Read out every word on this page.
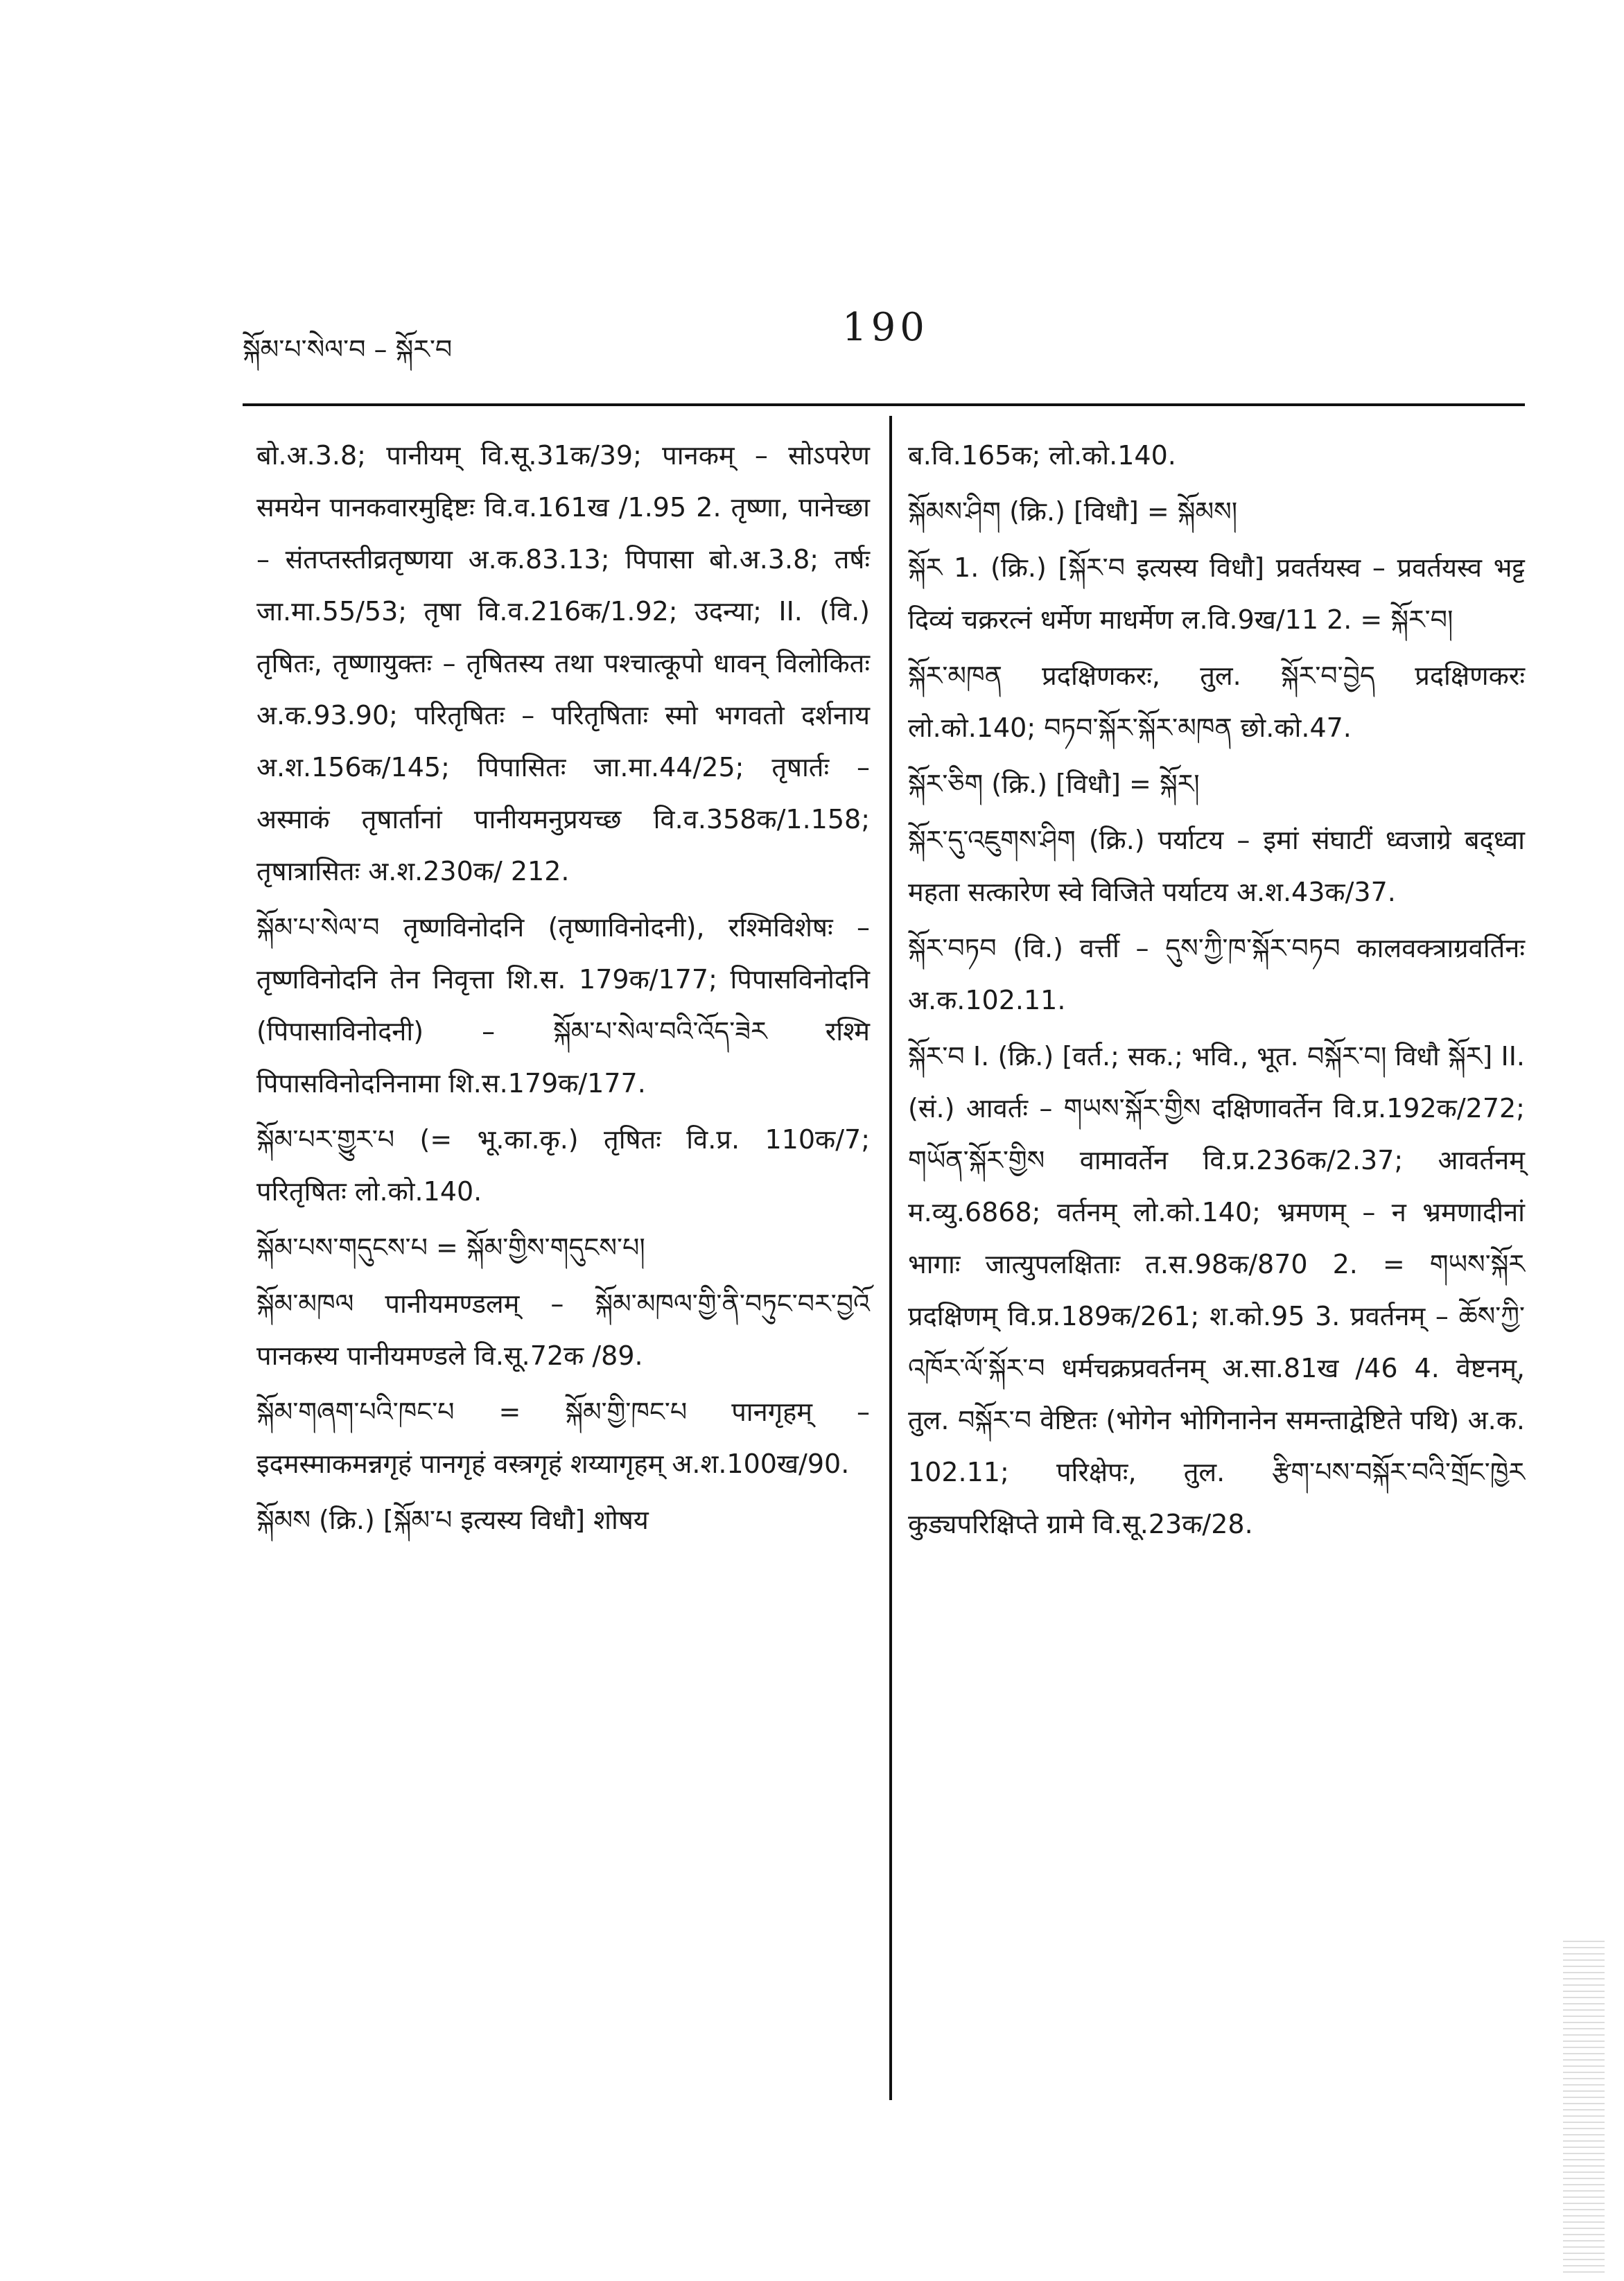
སྐོམ་པ་སེལ་བ – སྐོར་བ	190

बो.अ.3.8; पानीयम् वि.सू.31क/39; पानकम् – सोऽपरेण समयेन पानकवारमुद्दिष्टः वि.व.161ख /1.95 2. तृष्णा, पानेच्छा – संतप्तस्तीव्रतृष्णया अ.क.83.13; पिपासा बो.अ.3.8; तर्षः जा.मा.55/53; तृषा वि.व.216क/1.92; उदन्या; II. (वि.) तृषितः, तृष्णायुक्तः – तृषितस्य तथा पश्चात्कूपो धावन् विलोकितः अ.क.93.90; परितृषितः – परितृषिताः स्मो भगवतो दर्शनाय अ.श.156क/145; पिपासितः जा.मा.44/25; तृषार्तः – अस्माकं तृषार्तानां पानीयमनुप्रयच्छ वि.व.358क/1.158; तृषात्रासितः अ.श.230क/ 212.

སྐོམ་པ་སེལ་བ तृष्णविनोदनि (तृष्णाविनोदनी), रश्मिविशेषः – तृष्णविनोदनि तेन निवृत्ता शि.स. 179क/177; पिपासविनोदनि (पिपासाविनोदनी) – སྐོམ་པ་སེལ་བའི་འོད་ཟེར रश्मि पिपासविनोदनिनामा शि.स.179क/177.

སྐོམ་པར་གྱུར་པ (= भू.का.कृ.) तृषितः वि.प्र. 110क/7; परितृषितः लो.को.140.

སྐོམ་པས་གདུངས་པ = སྐོམ་གྱིས་གདུངས་པ།

སྐོམ་མཁལ पानीयमण्डलम् – སྐོམ་མཁལ་གྱི་ནི་བཏུང་བར་བྱའོ पानकस्य पानीयमण्डले वि.सू.72क /89.

སྐོམ་གཞག་པའི་ཁང་པ = སྐོམ་གྱི་ཁང་པ पानगृहम् – इदमस्माकमन्नगृहं पानगृहं वस्त्रगृहं शय्यागृहम् अ.श.100ख/90.

སྐོམས (क्रि.) [སྐོམ་པ इत्यस्य विधौ] शोषय

ब.वि.165क; लो.को.140.

སྐོམས་ཤིག (क्रि.) [विधौ] = སྐོམས།

སྐོར 1. (क्रि.) [སྐོར་བ इत्यस्य विधौ] प्रवर्तयस्व – प्रवर्तयस्व भट्ट दिव्यं चक्ररत्नं धर्मेण माधर्मेण ल.वि.9ख/11 2. = སྐོར་བ།

སྐོར་མཁན प्रदक्षिणकरः, तुल. སྐོར་བ་བྱེད प्रदक्षिणकरः लो.को.140; བཏབ་སྐོར་སྐོར་མཁན छो.को.47.

སྐོར་ཅིག (क्रि.) [विधौ] = སྐོར།

སྐོར་དུ་འཇུགས་ཤིག (क्रि.) पर्याटय – इमां संघाटीं ध्वजाग्रे बद्ध्वा महता सत्कारेण स्वे विजिते पर्याटय अ.श.43क/37.

སྐོར་བཏབ (वि.) वर्त्ती – དུས་ཀྱི་ཁ་སྐོར་བཏབ कालवक्त्राग्रवर्तिनः अ.क.102.11.

སྐོར་བ I. (क्रि.) [वर्त.; सक.; भवि., भूत. བསྐོར་བ། विधौ སྐོར] II. (सं.) आवर्तः – གཡས་སྐོར་གྱིས दक्षिणावर्तेन वि.प्र.192क/272; གཡོན་སྐོར་གྱིས वामावर्तेन वि.प्र.236क/2.37; आवर्तनम् म.व्यु.6868; वर्तनम् लो.को.140; भ्रमणम् – न भ्रमणादीनां भागाः जात्युपलक्षिताः त.स.98क/870 2. = གཡས་སྐོར प्रदक्षिणम् वि.प्र.189क/261; श.को.95 3. प्रवर्तनम् – ཆོས་ཀྱི་འཁོར་ལོ་སྐོར་བ धर्मचक्रप्रवर्तनम् अ.सा.81ख /46 4. वेष्टनम्, तुल. བསྐོར་བ वेष्टितः (भोगेन भोगिनानेन समन्ताद्वेष्टिते पथि) अ.क. 102.11; परिक्षेपः, तुल. རྩིག་པས་བསྐོར་བའི་གྲོང་ཁྱེར कुड्यपरिक्षिप्ते ग्रामे वि.सू.23क/28.
